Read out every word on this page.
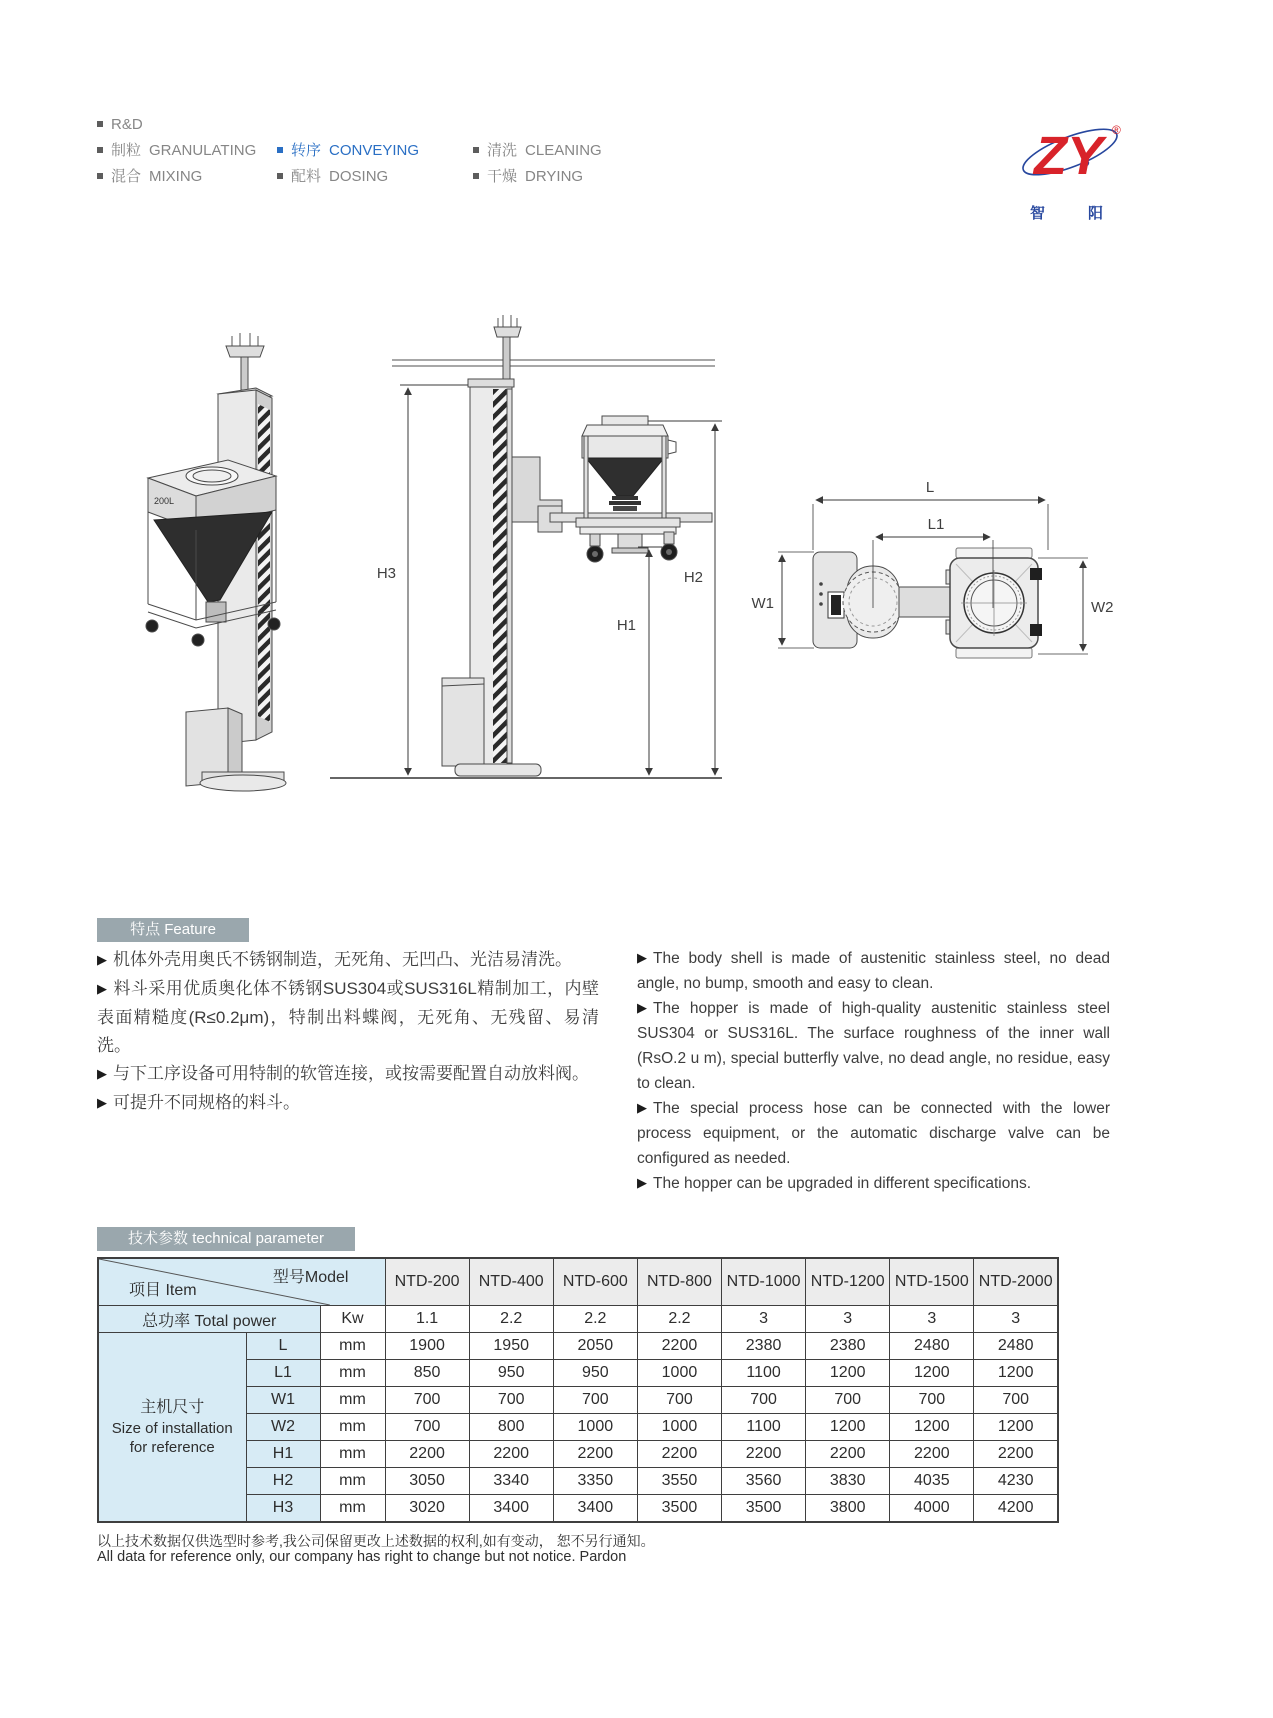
R&D
制粒 GRANULATING
混合 MIXING
转序 CONVEYING
配料 DOSING
清洗 CLEANING
干燥 DRYING	ZY ®
智	阳
200L
H3
H1
H2
L
L1
W1	W2
特点 Feature

▶ 机体外壳用奥氏不锈钢制造，无死角、无凹凸、光洁易清洗。

▶ 料斗采用优质奥化体不锈钢SUS304或SUS316L精制加工，内壁表面精糙度(R≤0.2μm)，特制出料蝶阀，无死角、无残留、易清洗。

▶ 与下工序设备可用特制的软管连接，或按需要配置自动放料阀。

▶ 可提升不同规格的料斗。

▶ The body shell is made of austenitic stainless steel, no dead angle, no bump, smooth and easy to clean.

▶ The hopper is made of high-quality austenitic stainless steel SUS304 or SUS316L. The surface roughness of the inner wall (RsO.2 u m), special butterfly valve, no dead angle, no residue, easy to clean.

▶ The special process hose can be connected with the lower process equipment, or the automatic discharge valve can be configured as needed.

▶ The hopper can be upgraded in different specifications.

技术参数 technical parameter
项目 Item
型号Model			NTD-200	NTD-400	NTD-600	NTD-800	NTD-1000	NTD-1200	NTD-1500	NTD-2000
总功率 Total power		Kw	1.1	2.2	2.2	2.2	3	3	3	3

主机尺寸
Size of installation
for reference	L	mm	1900	1950	2050	2200	2380	2380	2480	2480
	L1	mm	850	950	950	1000	1100	1200	1200	1200
	W1	mm	700	700	700	700	700	700	700	700
	W2	mm	700	800	1000	1000	1100	1200	1200	1200
	H1	mm	2200	2200	2200	2200	2200	2200	2200	2200
	H2	mm	3050	3340	3350	3550	3560	3830	4035	4230
	H3	mm	3020	3400	3400	3500	3500	3800	4000	4200
以上技术数据仅供选型时参考,我公司保留更改上述数据的权利,如有变动， 恕不另行通知。
All data for reference only, our company has right to change but not notice. Pardon
